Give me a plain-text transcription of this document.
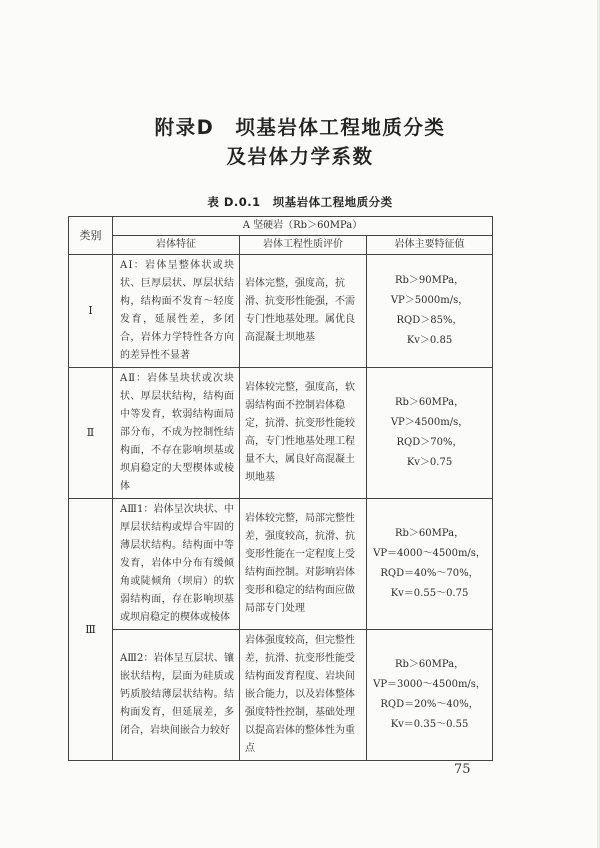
附录D　坝基岩体工程地质分类
及岩体力学系数
表 D.0.1　坝基岩体工程地质分类
类别	A 坚硬岩（Rb＞60MPa）		
	岩体特征	岩体工程性质评价	岩体主要特征值
Ⅰ	AⅠ：岩体呈整体状或块状、巨厚层状、厚层状结构，结构面不发育～轻度发育，延展性差，多闭合，岩体力学特性各方向的差异性不显著	岩体完整，强度高，抗滑、抗变形性能强，不需专门性地基处理。属优良高混凝土坝地基	Rb＞90MPa，
VP＞5000m/s，
RQD＞85%，
Kv＞0.85

Ⅱ	AⅡ：岩体呈块状或次块状、厚层状结构，结构面中等发育，软弱结构面局部分布，不成为控制性结构面，不存在影响坝基或坝肩稳定的大型楔体或棱体	岩体较完整，强度高，软弱结构面不控制岩体稳定，抗滑、抗变形性能较高，专门性地基处理工程量不大，属良好高混凝土坝地基	Rb＞60MPa，
VP＞4500m/s，
RQD＞70%，
Kv＞0.75

Ⅲ	AⅢ1：岩体呈次块状、中厚层状结构或焊合牢固的薄层状结构。结构面中等发育，岩体中分布有缓倾角或陡倾角（坝肩）的软弱结构面，存在影响坝基或坝肩稳定的楔体或棱体	岩体较完整，局部完整性差，强度较高，抗滑、抗变形性能在一定程度上受结构面控制。对影响岩体变形和稳定的结构面应做局部专门处理	Rb＞60MPa，
VP＝4000～4500m/s，
RQD＝40%～70%，
Kv＝0.55～0.75

	AⅢ2：岩体呈互层状、镶嵌状结构，层面为硅质或钙质胶结薄层状结构。结构面发育，但延展差，多闭合，岩块间嵌合力较好	岩体强度较高，但完整性差，抗滑、抗变形性能受结构面发育程度、岩块间嵌合能力，以及岩体整体强度特性控制，基础处理以提高岩体的整体性为重点	Rb＞60MPa，
VP＝3000～4500m/s，
RQD＝20%～40%，
Kv＝0.35～0.55
75
